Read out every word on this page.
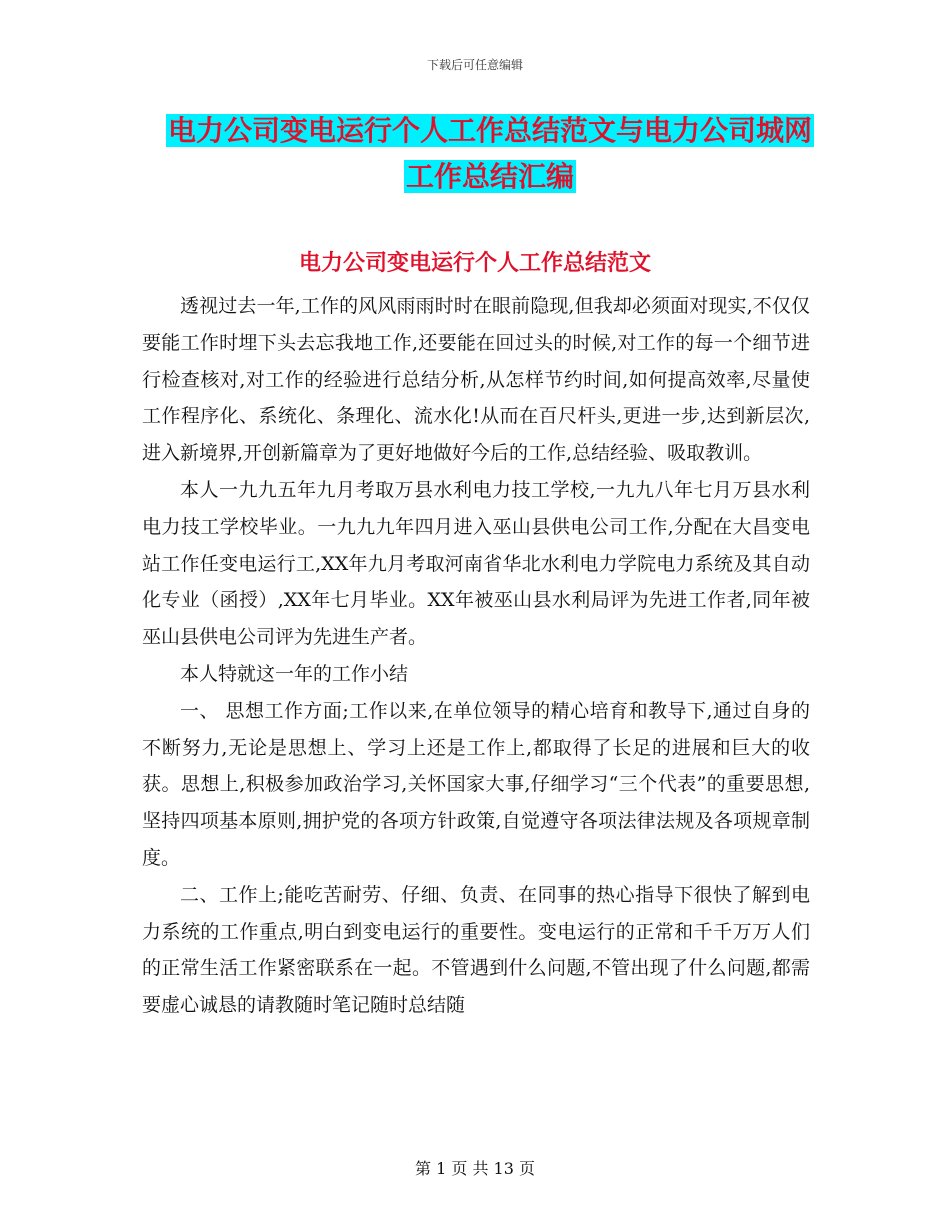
下载后可任意编辑
电力公司变电运行个人工作总结范文与电力公司城网
工作总结汇编
电力公司变电运行个人工作总结范文

透视过去一年,工作的风风雨雨时时在眼前隐现,但我却必须面对现实,不仅仅要能工作时埋下头去忘我地工作,还要能在回过头的时候,对工作的每一个细节进行检查核对,对工作的经验进行总结分析,从怎样节约时间,如何提高效率,尽量使工作程序化、系统化、条理化、流水化!从而在百尺杆头,更进一步,达到新层次,进入新境界,开创新篇章为了更好地做好今后的工作,总结经验、吸取教训。

本人一九九五年九月考取万县水利电力技工学校,一九九八年七月万县水利电力技工学校毕业。一九九九年四月进入巫山县供电公司工作,分配在大昌变电站工作任变电运行工,XX年九月考取河南省华北水利电力学院电力系统及其自动化专业（函授）,XX年七月毕业。XX年被巫山县水利局评为先进工作者,同年被巫山县供电公司评为先进生产者。

本人特就这一年的工作小结

一、 思想工作方面;工作以来,在单位领导的精心培育和教导下,通过自身的不断努力,无论是思想上、学习上还是工作上,都取得了长足的进展和巨大的收获。思想上,积极参加政治学习,关怀国家大事,仔细学习“三个代表”的重要思想,坚持四项基本原则,拥护党的各项方针政策,自觉遵守各项法律法规及各项规章制度。

二、工作上;能吃苦耐劳、仔细、负责、在同事的热心指导下很快了解到电力系统的工作重点,明白到变电运行的重要性。变电运行的正常和千千万万人们的正常生活工作紧密联系在一起。不管遇到什么问题,不管出现了什么问题,都需要虚心诚恳的请教随时笔记随时总结随

第 1 页 共 13 页
